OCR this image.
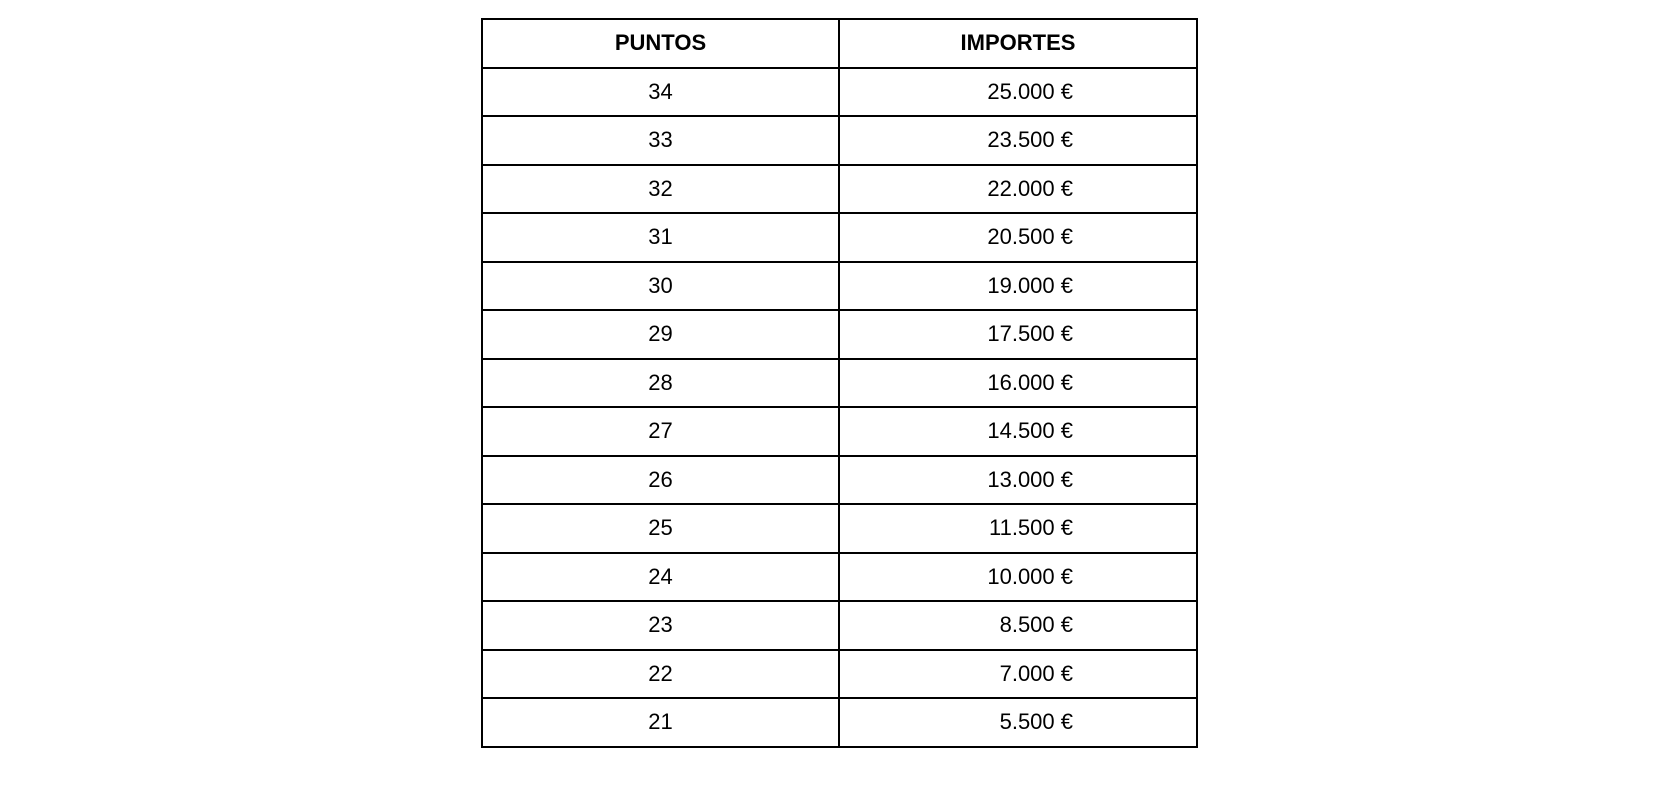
PUNTOS	IMPORTES
34	25.000 €
33	23.500 €
32	22.000 €
31	20.500 €
30	19.000 €
29	17.500 €
28	16.000 €
27	14.500 €
26	13.000 €
25	11.500 €
24	10.000 €
23	8.500 €
22	7.000 €
21	5.500 €
